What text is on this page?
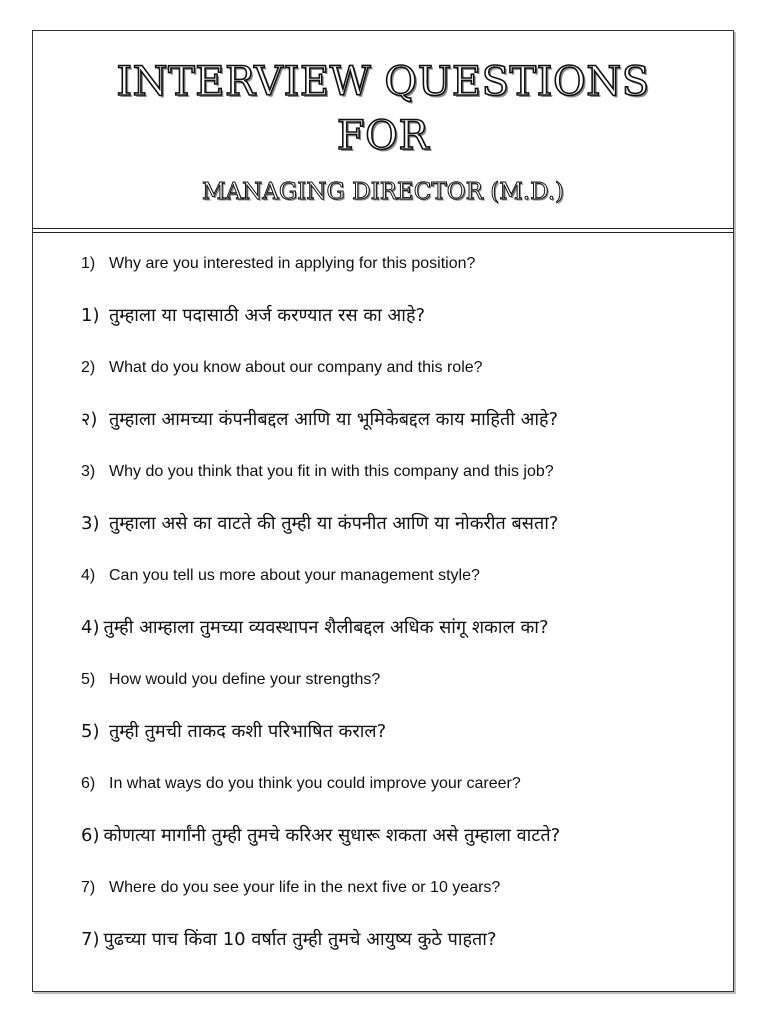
INTERVIEW QUESTIONS
FOR
MANAGING DIRECTOR (M.D.)
1) Why are you interested in applying for this position?
1) तुम्हाला या पदासाठी अर्ज करण्यात रस का आहे?
2) What do you know about our company and this role?
२) तुम्हाला आमच्या कंपनीबद्दल आणि या भूमिकेबद्दल काय माहिती आहे?
3) Why do you think that you fit in with this company and this job?
3) तुम्हाला असे का वाटते की तुम्ही या कंपनीत आणि या नोकरीत बसता?
4) Can you tell us more about your management style?
4) तुम्ही आम्हाला तुमच्या व्यवस्थापन शैलीबद्दल अधिक सांगू शकाल का?
5) How would you define your strengths?
5) तुम्ही तुमची ताकद कशी परिभाषित कराल?
6) In what ways do you think you could improve your career?
6) कोणत्या मार्गांनी तुम्ही तुमचे करिअर सुधारू शकता असे तुम्हाला वाटते?
7) Where do you see your life in the next five or 10 years?
7) पुढच्या पाच किंवा 10 वर्षात तुम्ही तुमचे आयुष्य कुठे पाहता?
